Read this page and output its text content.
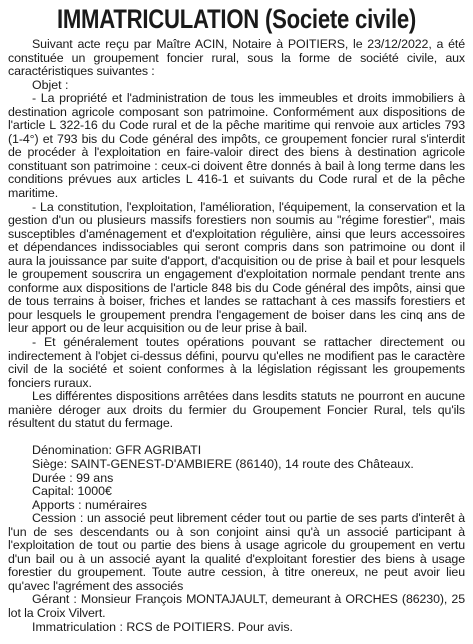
IMMATRICULATION (Societe civile)

Suivant acte reçu par Maître ACIN, Notaire à POITIERS, le 23/12/2022, a été constituée un groupement foncier rural, sous la forme de société civile, aux caractéristiques suivantes :

Objet :

- La propriété et l'administration de tous les immeubles et droits immobiliers à destination agricole composant son patrimoine. Conformément aux dispositions de l'article L 322-16 du Code rural et de la pêche maritime qui renvoie aux articles 793 (1-4°) et 793 bis du Code général des impôts, ce groupement foncier rural s'interdit de procéder à l'exploitation en faire-valoir direct des biens à destination agricole constituant son patrimoine : ceux-ci doivent être donnés à bail à long terme dans les conditions prévues aux articles L 416-1 et suivants du Code rural et de la pêche maritime.

- La constitution, l'exploitation, l'amélioration, l'équipement, la conservation et la gestion d'un ou plusieurs massifs forestiers non soumis au "régime forestier", mais susceptibles d'aménagement et d'exploitation régulière, ainsi que leurs accessoires et dépendances indissociables qui seront compris dans son patrimoine ou dont il aura la jouissance par suite d'apport, d'acquisition ou de prise à bail et pour lesquels le groupement souscrira un engagement d'exploitation normale pendant trente ans conforme aux dispositions de l'article 848 bis du Code général des impôts, ainsi que de tous terrains à boiser, friches et landes se rattachant à ces massifs forestiers et pour lesquels le groupement prendra l'engagement de boiser dans les cinq ans de leur apport ou de leur acquisition ou de leur prise à bail.

- Et généralement toutes opérations pouvant se rattacher directement ou indirectement à l'objet ci-dessus défini, pourvu qu'elles ne modifient pas le caractère civil de la société et soient conformes à la législation régissant les groupements fonciers ruraux.

Les différentes dispositions arrêtées dans lesdits statuts ne pourront en aucune manière déroger aux droits du fermier du Groupement Foncier Rural, tels qu'ils résultent du statut du fermage.

Dénomination: GFR AGRIBATI

Siège: SAINT-GENEST-D'AMBIERE (86140), 14 route des Châteaux.

Durée : 99 ans

Capital: 1000€

Apports : numéraires

Cession : un associé peut librement céder tout ou partie de ses parts d'interêt à l'un de ses descendants ou à son conjoint ainsi qu'à un associé participant à l'exploitation de tout ou partie des biens à usage agricole du groupement en vertu d'un bail ou à un associé ayant la qualité d'exploitant forestier des biens à usage forestier du groupement. Toute autre cession, à titre onereux, ne peut avoir lieu qu'avec l'agrément des associés

Gérant : Monsieur François MONTAJAULT, demeurant à ORCHES (86230), 25 lot la Croix Vilvert.

Immatriculation : RCS de POITIERS. Pour avis.
